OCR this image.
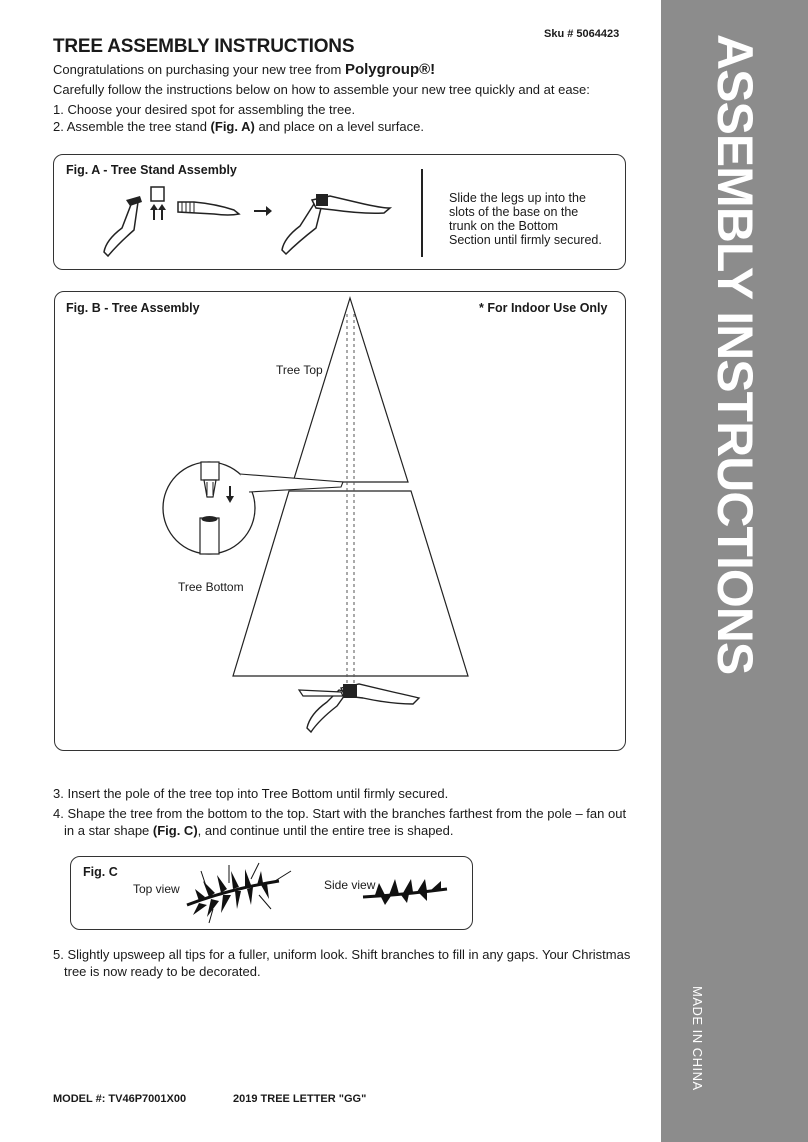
ASSEMBLY INSTRUCTIONS
MADE IN CHINA
TREE ASSEMBLY INSTRUCTIONS
Sku # 5064423
Congratulations on purchasing your new tree from Polygroup®!
Carefully follow the instructions below on how to assemble your new tree quickly and at ease:
1. Choose your desired spot for assembling the tree.
2. Assemble the tree stand (Fig. A) and place on a level surface.
Fig. A - Tree Stand Assembly
Slide the legs up into the
slots of the base on the
trunk on the Bottom
Section until firmly secured.
Fig. B - Tree Assembly	* For Indoor Use Only
Tree Top
Tree Bottom
3. Insert the pole of the tree top into Tree Bottom until firmly secured.
4. Shape the tree from the bottom to the top. Start with the branches farthest from the pole – fan out
in a star shape (Fig. C), and continue until the entire tree is shaped.
Fig. C
Top view	Side view
5. Slightly upsweep all tips for a fuller, uniform look. Shift branches to fill in any gaps. Your Christmas
tree is now ready to be decorated.
MODEL #: TV46P7001X00	2019 TREE LETTER "GG"
